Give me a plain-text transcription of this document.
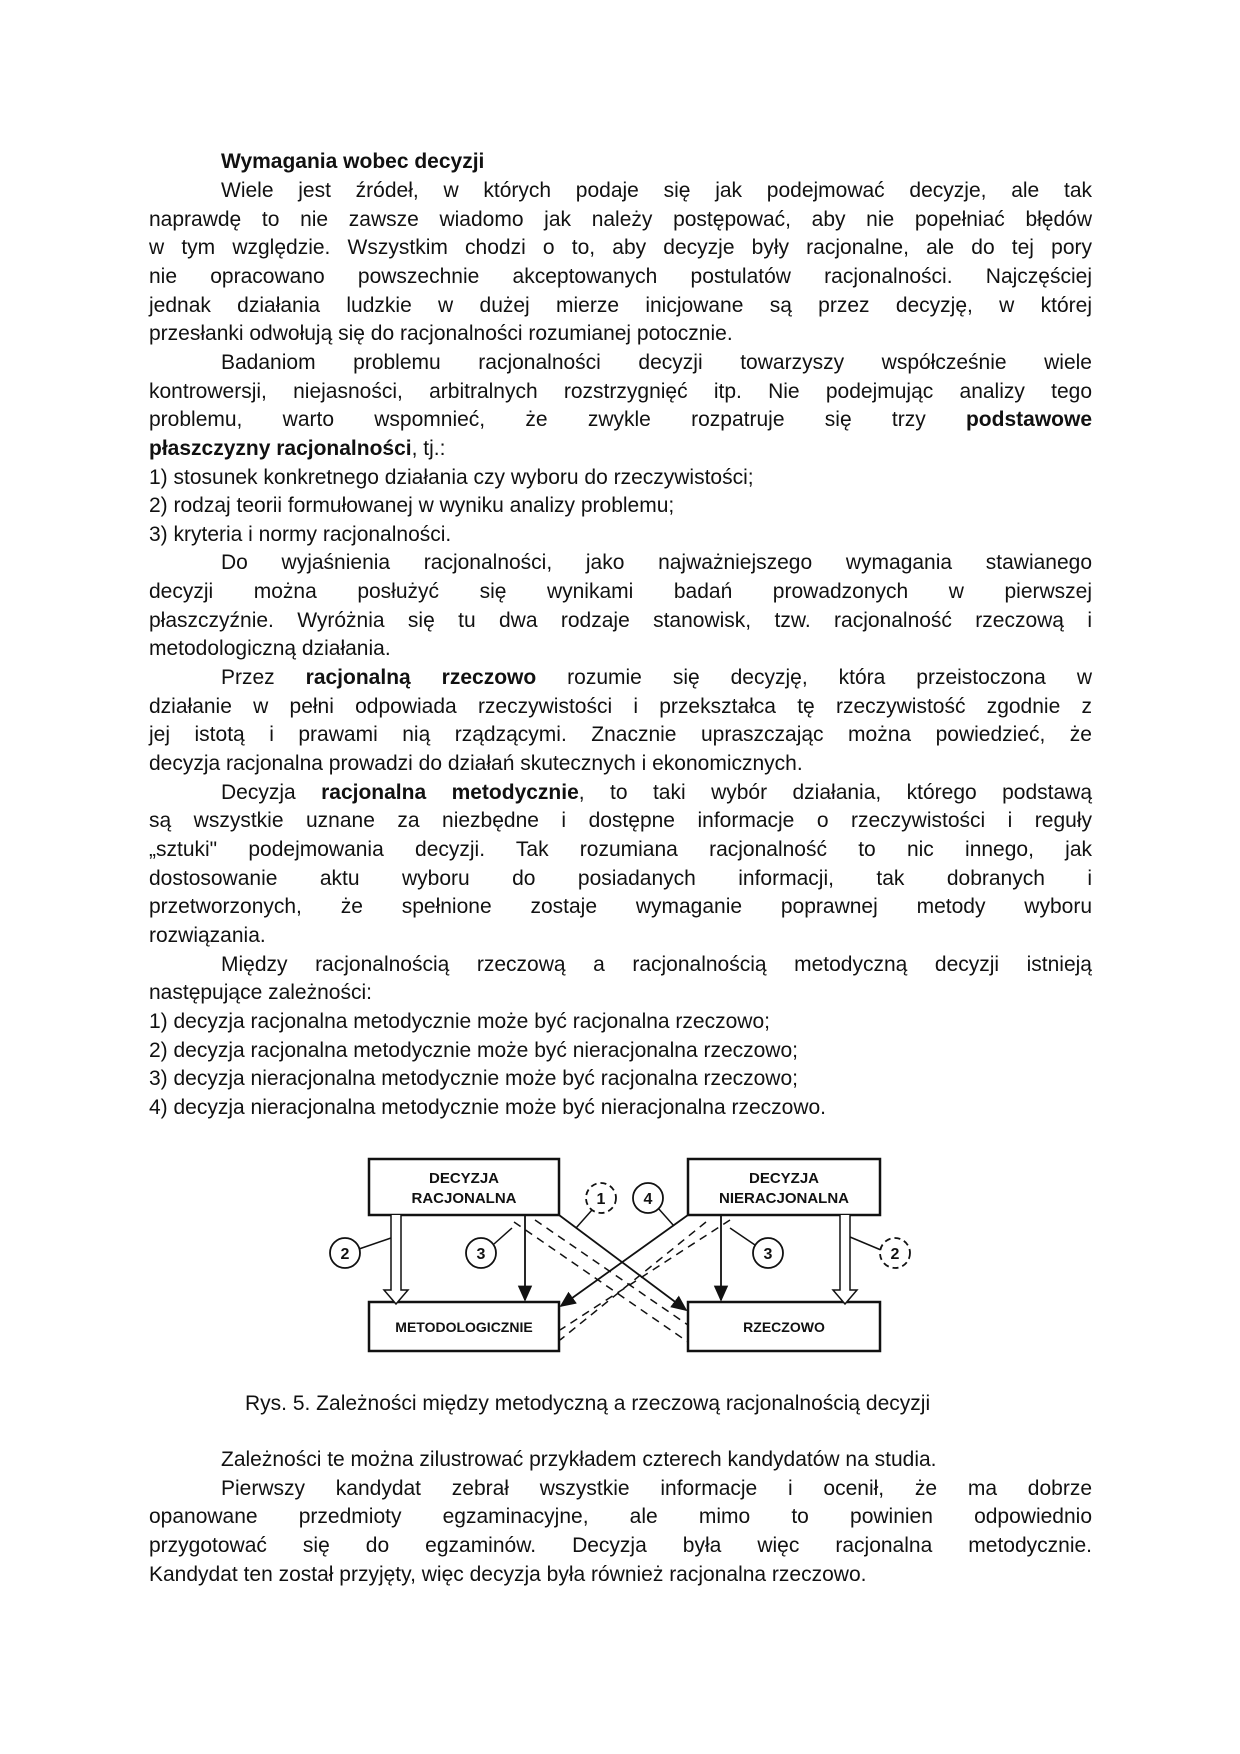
Wymagania wobec decyzji
Wiele jest źródeł, w których podaje się jak podejmować decyzje, ale tak
naprawdę to nie zawsze wiadomo jak należy postępować, aby nie popełniać błędów
w tym względzie. Wszystkim chodzi o to, aby decyzje były racjonalne, ale do tej pory
nie opracowano powszechnie akceptowanych postulatów racjonalności. Najczęściej
jednak działania ludzkie w dużej mierze inicjowane są przez decyzję, w której
przesłanki odwołują się do racjonalności rozumianej potocznie.
Badaniom problemu racjonalności decyzji towarzyszy współcześnie wiele
kontrowersji, niejasności, arbitralnych rozstrzygnięć itp. Nie podejmując analizy tego
problemu, warto wspomnieć, że zwykle rozpatruje się trzy podstawowe
płaszczyzny racjonalności, tj.:
1) stosunek konkretnego działania czy wyboru do rzeczywistości;
2) rodzaj teorii formułowanej w wyniku analizy problemu;
3) kryteria i normy racjonalności.
Do wyjaśnienia racjonalności, jako najważniejszego wymagania stawianego
decyzji można posłużyć się wynikami badań prowadzonych w pierwszej
płaszczyźnie. Wyróżnia się tu dwa rodzaje stanowisk, tzw. racjonalność rzeczową i
metodologiczną działania.
Przez racjonalną rzeczowo rozumie się decyzję, która przeistoczona w
działanie w pełni odpowiada rzeczywistości i przekształca tę rzeczywistość zgodnie z
jej istotą i prawami nią rządzącymi. Znacznie upraszczając można powiedzieć, że
decyzja racjonalna prowadzi do działań skutecznych i ekonomicznych.
Decyzja racjonalna metodycznie, to taki wybór działania, którego podstawą
są wszystkie uznane za niezbędne i dostępne informacje o rzeczywistości i reguły
„sztuki" podejmowania decyzji. Tak rozumiana racjonalność to nic innego, jak
dostosowanie aktu wyboru do posiadanych informacji, tak dobranych i
przetworzonych, że spełnione zostaje wymaganie poprawnej metody wyboru
rozwiązania.
Między racjonalnością rzeczową a racjonalnością metodyczną decyzji istnieją
następujące zależności:
1) decyzja racjonalna metodycznie może być racjonalna rzeczowo;
2) decyzja racjonalna metodycznie może być nieracjonalna rzeczowo;
3) decyzja nieracjonalna metodycznie może być racjonalna rzeczowo;
4) decyzja nieracjonalna metodycznie może być nieracjonalna rzeczowo.
DECYZJA
RACJONALNA
DECYZJA
NIERACJONALNA
METODOLOGICZNIE	RZECZOWO
2	3
1 4
3	2
Rys. 5. Zależności między metodyczną a rzeczową racjonalnością decyzji
Zależności te można zilustrować przykładem czterech kandydatów na studia.
Pierwszy kandydat zebrał wszystkie informacje i ocenił, że ma dobrze
opanowane przedmioty egzaminacyjne, ale mimo to powinien odpowiednio
przygotować się do egzaminów. Decyzja była więc racjonalna metodycznie.
Kandydat ten został przyjęty, więc decyzja była również racjonalna rzeczowo.
